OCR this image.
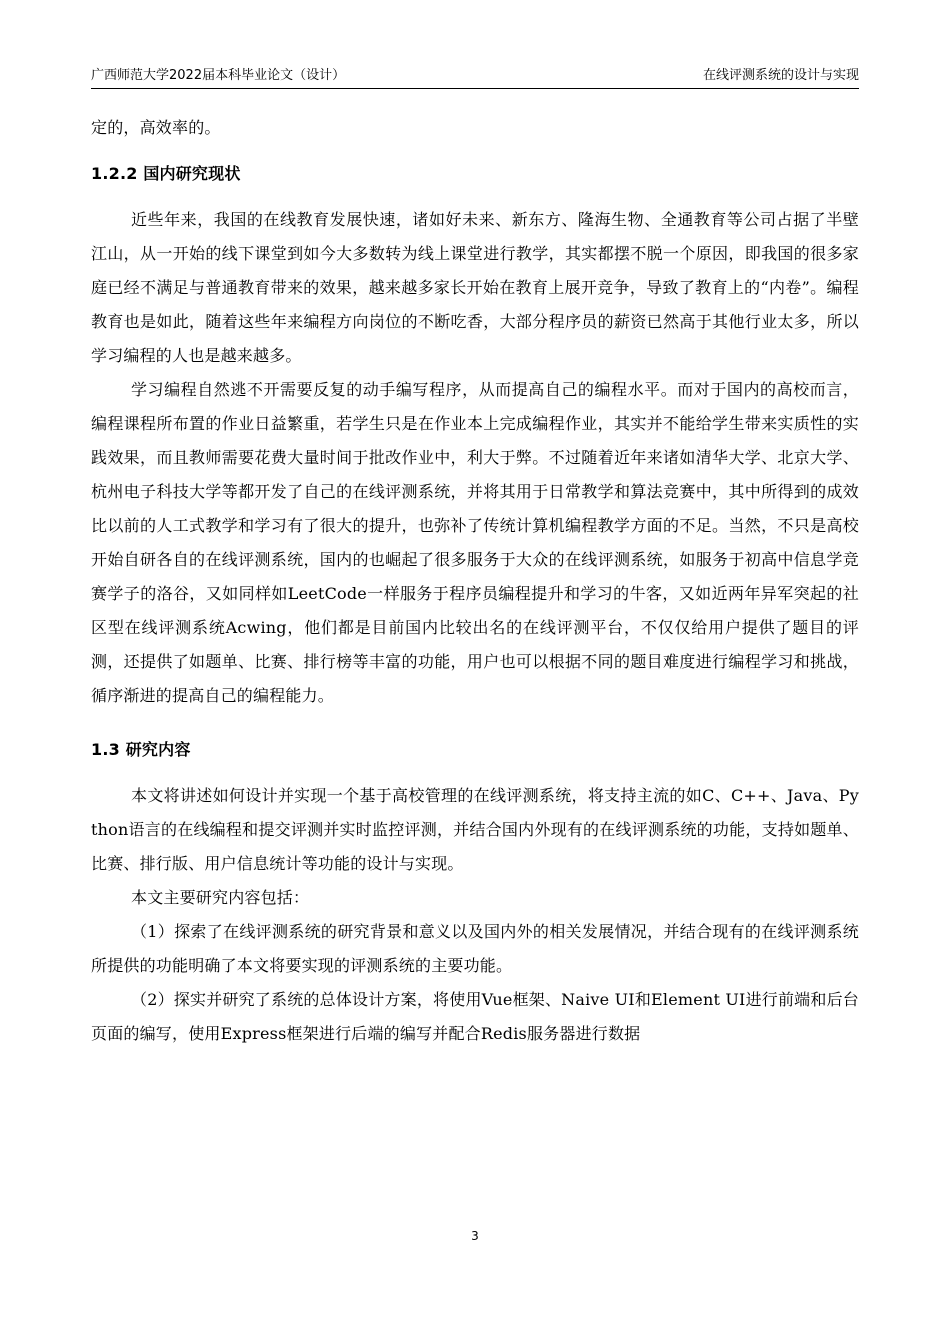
广西师范大学2022届本科毕业论文（设计）	在线评测系统的设计与实现

定的，高效率的。

1.2.2 国内研究现状

近些年来，我国的在线教育发展快速，诸如好未来、新东方、隆海生物、全通教育等公司占据了半壁江山，从一开始的线下课堂到如今大多数转为线上课堂进行教学，其实都摆不脱一个原因，即我国的很多家庭已经不满足与普通教育带来的效果，越来越多家长开始在教育上展开竞争，导致了教育上的“内卷”。编程教育也是如此，随着这些年来编程方向岗位的不断吃香，大部分程序员的薪资已然高于其他行业太多，所以学习编程的人也是越来越多。

学习编程自然逃不开需要反复的动手编写程序，从而提高自己的编程水平。而对于国内的高校而言，编程课程所布置的作业日益繁重，若学生只是在作业本上完成编程作业，其实并不能给学生带来实质性的实践效果，而且教师需要花费大量时间于批改作业中，利大于弊。不过随着近年来诸如清华大学、北京大学、杭州电子科技大学等都开发了自己的在线评测系统，并将其用于日常教学和算法竞赛中，其中所得到的成效比以前的人工式教学和学习有了很大的提升，也弥补了传统计算机编程教学方面的不足。当然，不只是高校开始自研各自的在线评测系统，国内的也崛起了很多服务于大众的在线评测系统，如服务于初高中信息学竞赛学子的洛谷，又如同样如LeetCode一样服务于程序员编程提升和学习的牛客，又如近两年异军突起的社区型在线评测系统Acwing，他们都是目前国内比较出名的在线评测平台，不仅仅给用户提供了题目的评测，还提供了如题单、比赛、排行榜等丰富的功能，用户也可以根据不同的题目难度进行编程学习和挑战，循序渐进的提高自己的编程能力。

1.3 研究内容

本文将讲述如何设计并实现一个基于高校管理的在线评测系统，将支持主流的如C、C++、Java、Python语言的在线编程和提交评测并实时监控评测，并结合国内外现有的在线评测系统的功能，支持如题单、比赛、排行版、用户信息统计等功能的设计与实现。

本文主要研究内容包括：

（1）探索了在线评测系统的研究背景和意义以及国内外的相关发展情况，并结合现有的在线评测系统所提供的功能明确了本文将要实现的评测系统的主要功能。

（2）探实并研究了系统的总体设计方案，将使用Vue框架、Naive UI和Element UI进行前端和后台页面的编写，使用Express框架进行后端的编写并配合Redis服务器进行数据

3
